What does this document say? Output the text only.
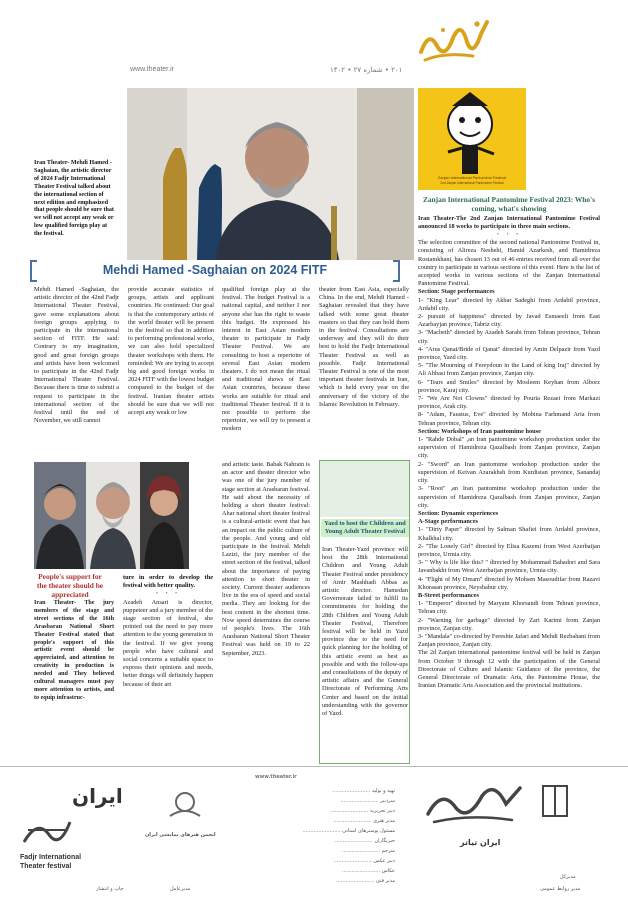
www.theater.ir	۲۰۱ • شماره ۲۷ • ۱۴۰۲
Zanjan International Pantomime Festival
2nd Zanjan International Pantomime Festival
Iran Theater- Mehdi Hamed -Saghaian, the artistic director of 2024 Fadjr International Theater Festival talked about the international section of next edition and emphasized that people should be sure that we will not accept any weak or low qualified foreign play at the festival.
Mehdi Hamed -Saghaian on 2024 FITF
Mehdi Hamed -Saghaian, the artistic director of the 42nd Fadjr International Theater Festival, gave some explanations about foreign groups applying to participate in the international section of FITF. He said: Contrary to my imagination, good and great foreign groups and artists have been welcomed to participate in the 42nd Fadjr International Theater Festival. Because there is time to submit a request to participate in the international section of the festival until the end of November, we still cannot
provide accurate statistics of groups, artists and applicant countries. He continued: Our goal is that the contemporary artists of the world theater will be present in the festival so that in addition to performing professional works, we can also hold specialized theater workshops with them. He reminded: We are trying to accept big and good foreign works in 2024 FITF with the lowest budget compared to the budget of the festival. Iranian theater artists should be sure that we will not accept any weak or low
qualified foreign play at the festival. The budget Festival is a national capital, and neither I nor anyone else has the right to waste this budget. He expressed his interest in East Asian modern theater to participate in Fadjr Theater Festival. We are consulting to host a repertoire of several East Asian modern theaters. I do not mean the ritual and traditional shows of East Asian countries, because these works are suitable for ritual and traditional Theater festival. If it is not possible to perform the repertoire, we will try to present a modern
theater from East Asia, especially China. In the end, Mehdi Hamed -Saghaian revealed that they have talked with some great theater masters so that they can hold them in the festival. Consultations are underway and they will do their best to hold the Fadjr International Theater Festival as well as possible. Fadjr International Theater Festival is one of the most important theater festivals in Iran, which is held every year on the anniversary of the victory of the Islamic Revolution in February.
Zanjan International Pantomime Festival 2023: Who's coming, what's showing
Iran Theater-The 2nd Zanjan International Pantomime Festival announced 18 works to participate in three main sections.
• • •
The selection committee of the second national Pantomime Festival in, consisting of Alireza Neshehi, Hamid Azarkesh, and Hamidreza Rostamkhani, has chosen 13 out of 46 entries received from all over the country to participate in various sections of this event. Here is the list of accepted works in various sections of the Zanjan International Pantomime Festival.
Section: Stage performances
1- "King Lear" directed by Akbar Sadeghi from Ardabil province, Ardabil city.
2- pursuit of happiness" directed by Javad Esmaeeli from East Azarbayjan province, Tabriz city.
3- "Macbeth" directed by Azadeh Sarabi from Tehran province, Tehran city.
4- "Arus Qanat/Bride of Qanat" directed by Amin Delpazir from Yazd province, Yazd city.
5- "The Mourning of Fereydoun in the Land of king Iraj" directed by Ali Abbasi from Zanjan province, Zanjan city.
6- "Tears and Smiles" directed by Mosleem Keyhan from Alborz province, Karaj city.
7- "We Are Not Clowns" directed by Pouria Rezaei from Markazi province, Arak city.
8- "Adam, Faustus, Eve" directed by Mobina Farhmand Aria from Tehran province, Tehran city.
Section: Workshops of Iran pantomime house
1- "Rahde Dobal" ,an Iran pantomime workshop production under the supervision of Hamidreza Qazalbash from Zanjan province, Zanjan city.
2- "Sword" an Iran pantomime workshop production under the supervision of Keivan Azarakhsh from Kurdistan province, Sanandaj city.
3- "Root" ,an Iran pantomime workshop production under the supervision of Hamidreza Qazalbash from Zanjan province, Zanjan city.
Section: Dynamic experiences
A-Stage performances
1- "Dirty Paper" directed by Salman Shafiei from Ardabil province, Khalkhal city.
2- "The Lonely Girl" directed by Elisa Kazemi from West Azerbaijan province, Urmia city.
3- " Why is life like this? " directed by Mohammad Bahadori and Sara Javanbakht from West Azerbaijan province, Urmia city.
4- "Flight of My Dream" directed by Mohsen Masoudifar from Razavi Khorasan province, Neyshabur city.
B-Street performances
1- "Emperor" directed by Maryam Khorsandi from Tehran province, Tehran city.
2- "Warning for garbage" directed by Zari Karimi from Zanjan province, Zanjan city.
3- "Mandala" co-directed by Fereshte Jafari and Mehdi Rezbahani from Zanjan province, Zanjan city.
The 2d Zanjan international pantomime festival will be held in Zanjan from October 9 through 12 with the participation of the General Directorate of Culture and Islamic Guidance of the province, the General Directorate of Dramatic Arts, the Pantomime House, the Iranian Dramatic Arts Association and the provincial institutions.
People's support for the theater should be appreciated
Iran Theater- The jury members of the stage and street sections of the 16th Arasbaran National Short Theater Festival stated that people's support of this artistic event should be appreciated, and attention to creativity in production is needed and They believed cultural managers must pay more attention to artists, and to equip infrastruc-
ture in order to develop the festival with better quality.
• • •
Azadeh Ansari is director, puppeteer and a jury member of the stage section of festival, she pointed out the need to pay more attention to the young generation in the festival. If we give young people who have cultural and social concerns a suitable space to express their opinions and needs, better things will definitely happen because of their art
and artistic taste. Babak Nahrain is an actor and theater director who was one of the jury member of stage section at Arasbaran festival. He said about the necessity of holding a short theater festival: Ahar national short theater festival is a cultural-artistic event that has an impact on the public culture of the people. And young and old participate in the festival. Mehdi Lazizi, the jury member of the street section of the festival, talked about the importance of paying attention to short theater in society. Current theater audiences live in the era of speed and social media. They are looking for the best content in the shortest time. Now speed determines the course of people's lives. The 16th Arasbaran National Short Theater Festival was held on 19 to 22 September, 2023.
Yazd to host the Children and Young Adult Theater Festival
Iran Theater-Yazd province will host the 28th International Children and Young Adult Theater Festival under presidency of Amir Mashhadi Abbas as artistic director. Hamedan Governorate failed to fulfill its commitments for holding the 28th Children and Young Adult Theater Festival, Therefore festival will be held in Yazd province due to the need for quick planning for the holding of this artistic event as best as possible and with the follow-ups and consultations of the deputy of artistic affairs and the General Directorate of Performing Arts Center and based on the initial understanding with the governor of Yazd.
ایران
Fadjr International
Theater festival
چاپ و انتشار
انجمن هنرهای نمایشی ایران
مدیرعامل
www.theater.ir
تهیه و تولید ........................
سردبیر ........................
دبیر تحریریه ........................
مدیر هنری ........................
مسئول پوسترهای استانی ........................
خبرنگاران ........................
مترجم ........................
دبیر عکس ........................
عکاس ........................
مدیر فنی ........................
ایران تیاتر
مدیرکل
مدیر روابط عمومی
